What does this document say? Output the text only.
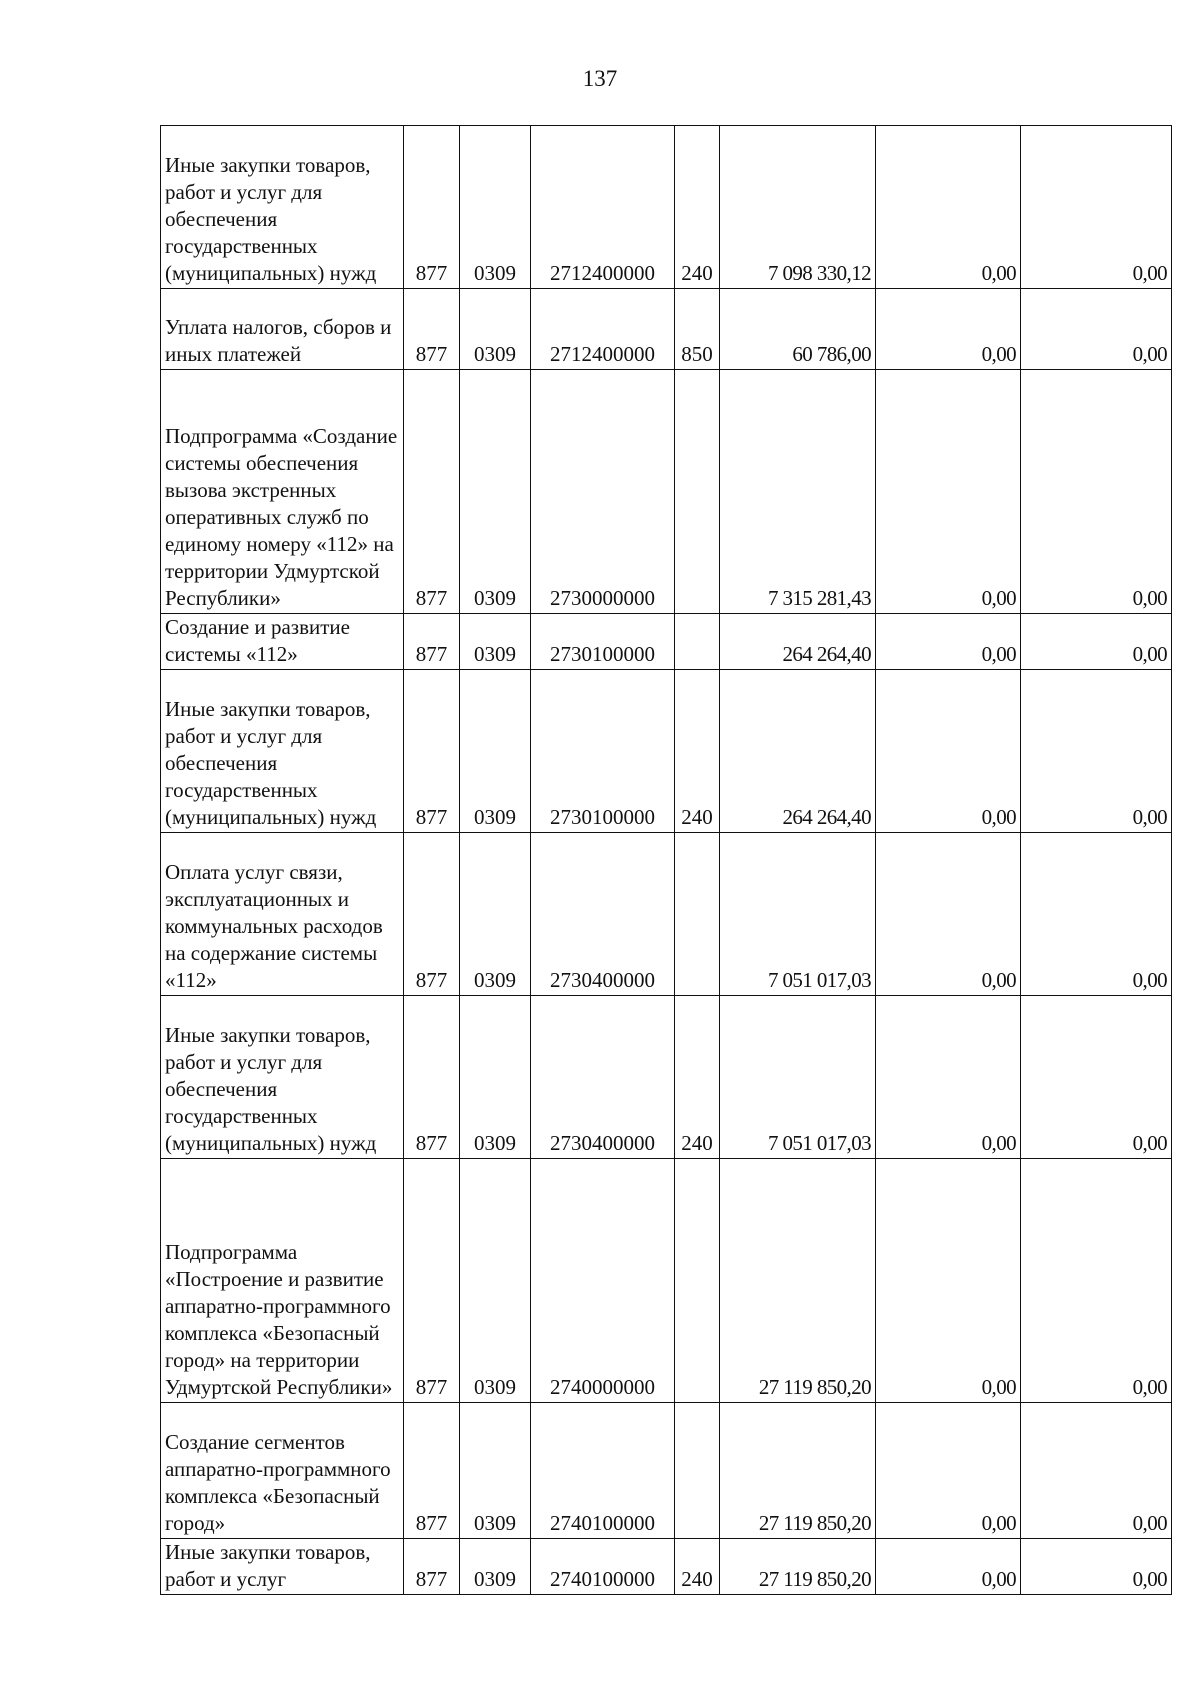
137
Иные закупки товаров, работ и услуг для обеспечения государственных (муниципальных) нужд	877	0309	2712400000	240	7 098 330,12	0,00	0,00
Уплата налогов, сборов и иных платежей	877	0309	2712400000	850	60 786,00	0,00	0,00
Подпрограмма «Создание системы обеспечения вызова экстренных оперативных служб по единому номеру «112» на территории Удмуртской Республики»	877	0309	2730000000		7 315 281,43	0,00	0,00
Создание и развитие системы «112»	877	0309	2730100000		264 264,40	0,00	0,00
Иные закупки товаров, работ и услуг для обеспечения государственных (муниципальных) нужд	877	0309	2730100000	240	264 264,40	0,00	0,00
Оплата услуг связи, эксплуатационных и коммунальных расходов на содержание системы «112»	877	0309	2730400000		7 051 017,03	0,00	0,00
Иные закупки товаров, работ и услуг для обеспечения государственных (муниципальных) нужд	877	0309	2730400000	240	7 051 017,03	0,00	0,00
Подпрограмма «Построение и развитие аппаратно-программного комплекса «Безопасный город» на территории Удмуртской Республики»	877	0309	2740000000		27 119 850,20	0,00	0,00
Создание сегментов аппаратно-программного комплекса «Безопасный город»	877	0309	2740100000		27 119 850,20	0,00	0,00
Иные закупки товаров, работ и услуг	877	0309	2740100000	240	27 119 850,20	0,00	0,00
